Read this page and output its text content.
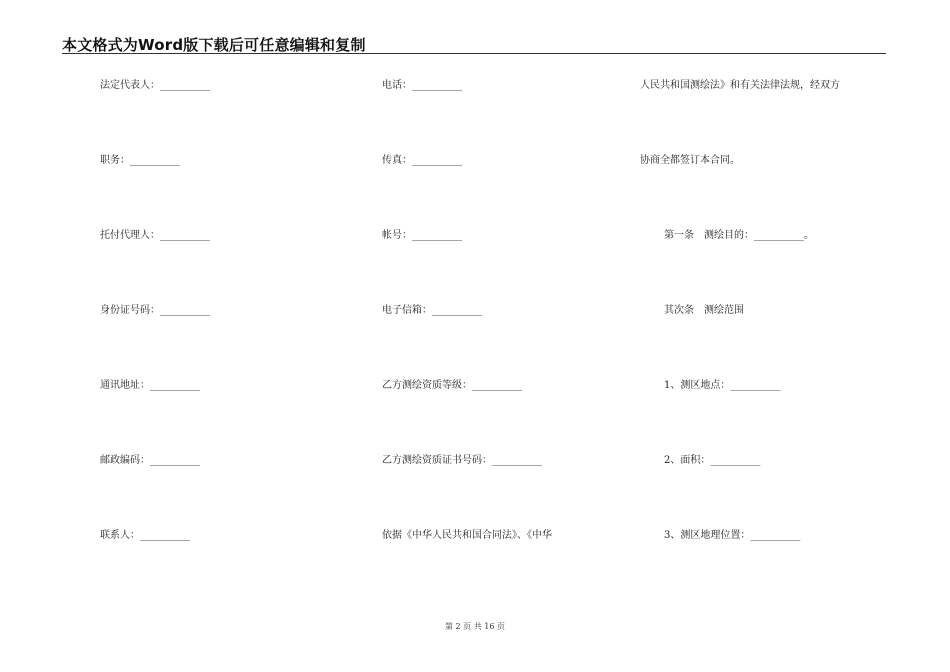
本文格式为Word版下载后可任意编辑和复制
法定代表人：__________
职务：__________
托付代理人：__________
身份证号码：__________
通讯地址：__________
邮政编码：__________
联系人：__________
电话：__________
传真：__________
帐号：__________
电子信箱：__________
乙方测绘资质等级：__________
乙方测绘资质证书号码：__________
依据《中华人民共和国合同法》、《中华
人民共和国测绘法》和有关法律法规，经双方
协商全都签订本合同。
第一条　测绘目的：__________。
其次条　测绘范围
1、测区地点：__________
2、面积：__________
3、测区地理位置：__________
第 2 页 共 16 页
